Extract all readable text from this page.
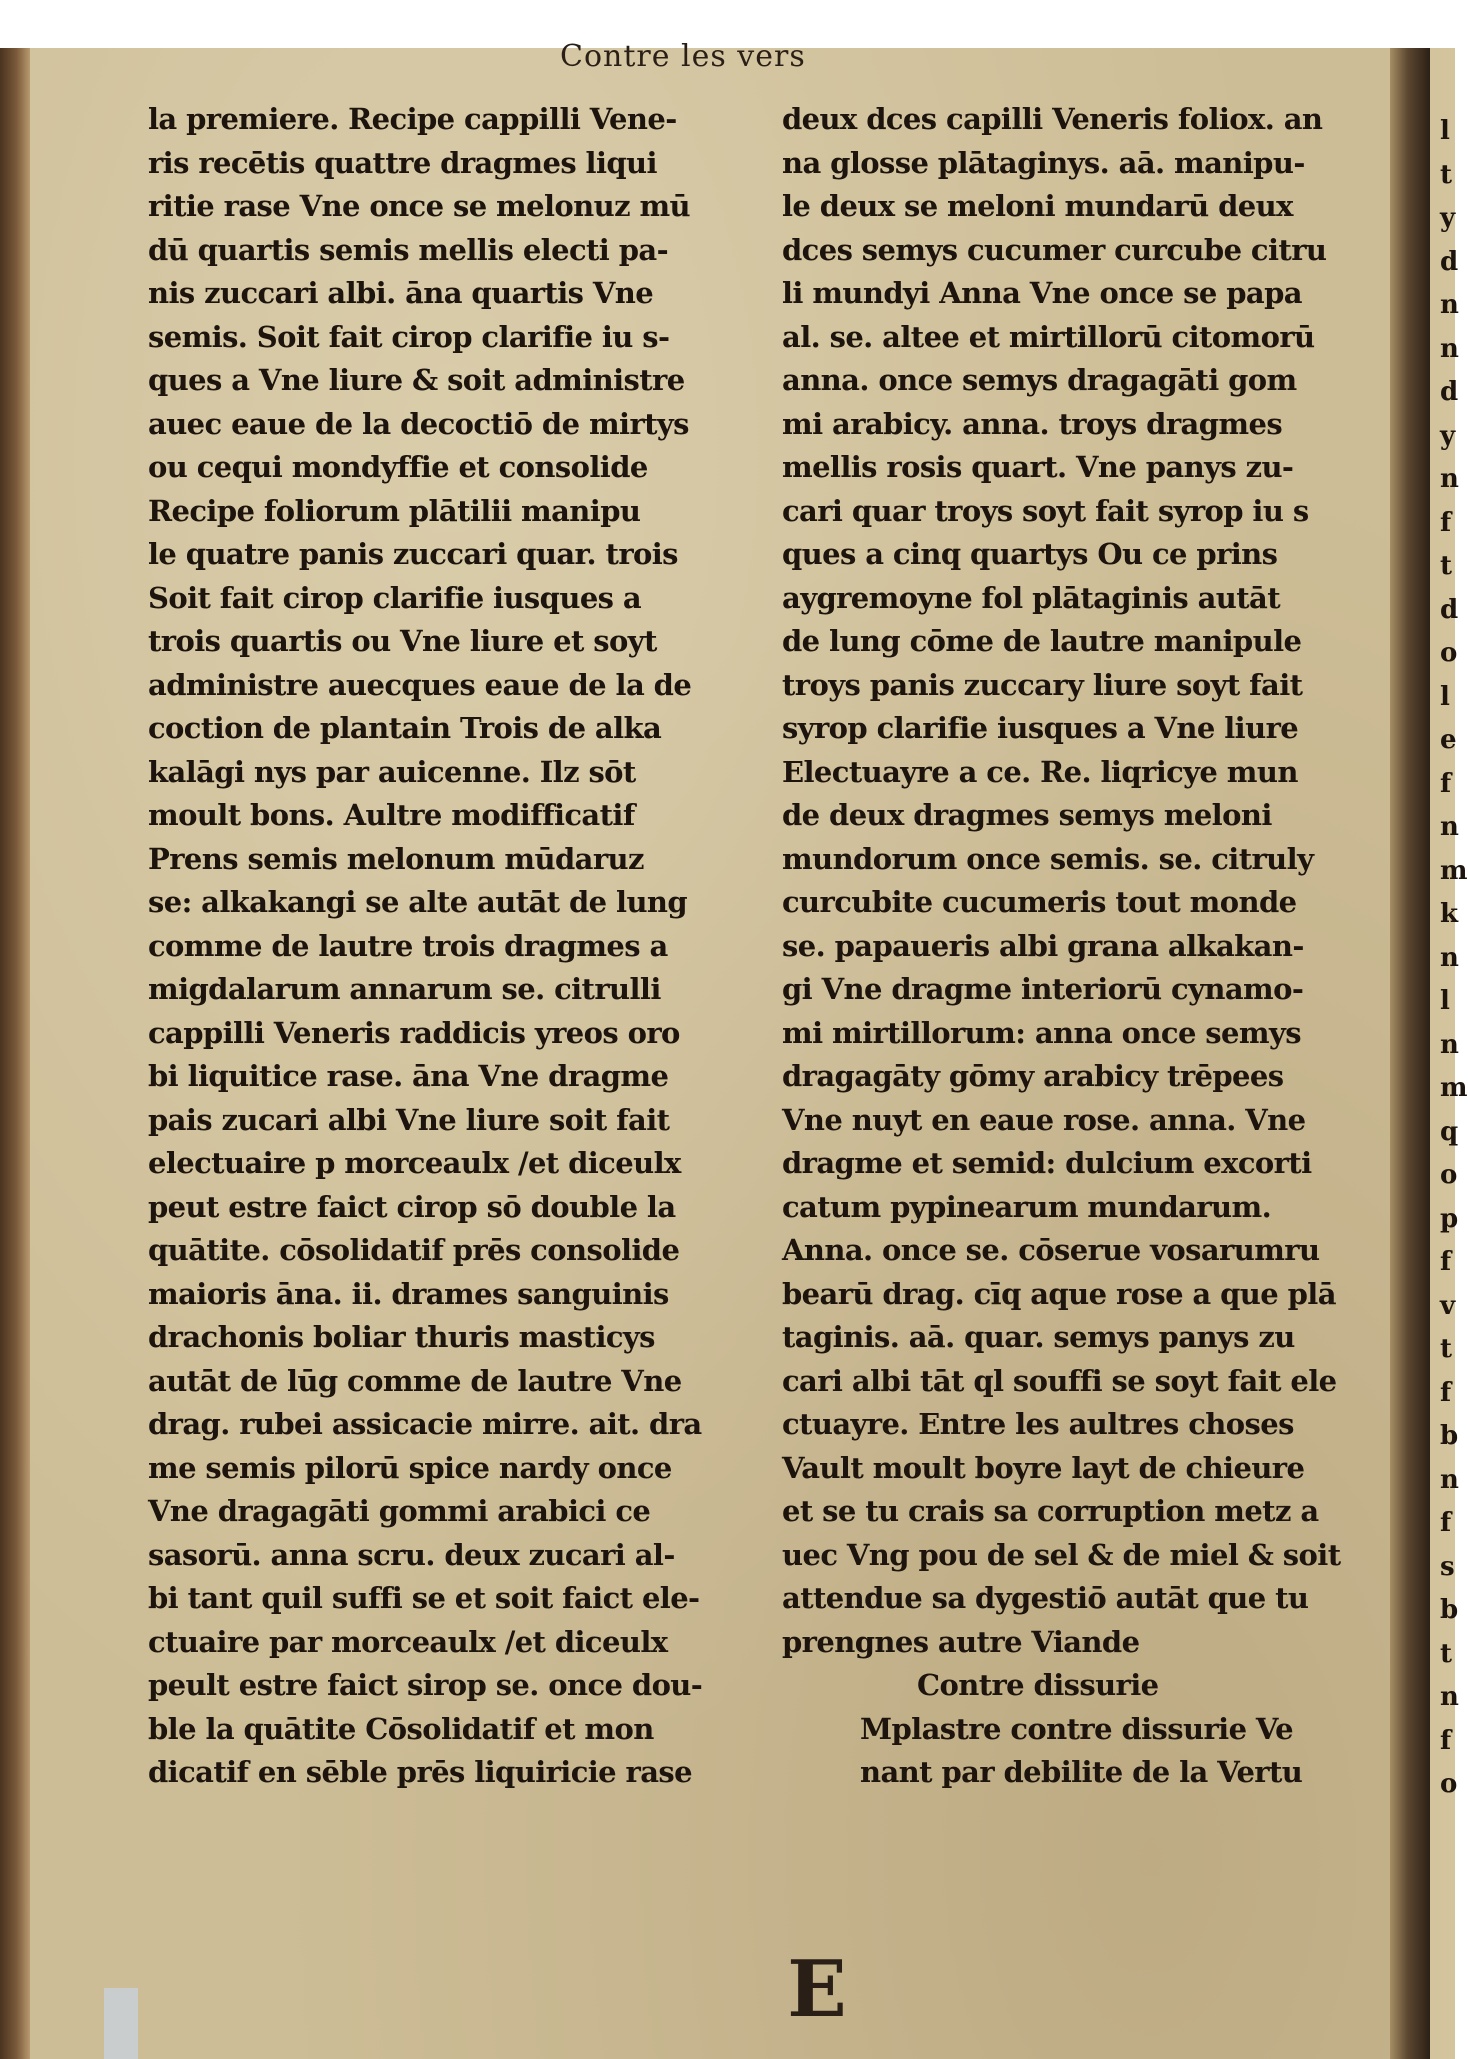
Contre les vers
la premiere. Recipe cappilli Vene-
ris recētis quattre dragmes liqui
ritie rase Vne once se melonuz mū
dū quartis semis mellis electi pa-
nis zuccari albi. āna quartis Vne
semis. Soit fait cirop clarifie iu s-
ques a Vne liure & soit administre
auec eaue de la decoctiō de mirtys
ou cequi mondyffie et consolide
Recipe foliorum plātilii manipu
le quatre panis zuccari quar. trois
Soit fait cirop clarifie iusques a
trois quartis ou Vne liure et soyt
administre auecques eaue de la de
coction de plantain Trois de alka
kalāgi nys par auicenne. Ilz sōt
moult bons. Aultre modifficatif
Prens semis melonum mūdaruz
se: alkakangi se alte autāt de lung
comme de lautre trois dragmes a
migdalarum annarum se. citrulli
cappilli Veneris raddicis yreos oro
bi liquitice rase. āna Vne dragme
pais zucari albi Vne liure soit fait
electuaire p morceaulx /et diceulx
peut estre faict cirop sō double la
quātite. cōsolidatif prēs consolide
maioris āna. ii. drames sanguinis
drachonis boliar thuris masticys
autāt de lūg comme de lautre Vne
drag. rubei assicacie mirre. ait. dra
me semis pilorū spice nardy once
Vne dragagāti gommi arabici ce
sasorū. anna scru. deux zucari al-
bi tant quil suffi se et soit faict ele-
ctuaire par morceaulx /et diceulx
peult estre faict sirop se. once dou-
ble la quātite Cōsolidatif et mon
dicatif en sēble prēs liquiricie rase
deux dces capilli Veneris foliox. an
na glosse plātaginys. aā. manipu-
le deux se meloni mundarū deux
dces semys cucumer curcube citru
li mundyi Anna Vne once se papa
al. se. altee et mirtillorū citomorū
anna. once semys dragagāti gom
mi arabicy. anna. troys dragmes
mellis rosis quart. Vne panys zu-
cari quar troys soyt fait syrop iu s
ques a cinq quartys Ou ce prins
aygremoyne fol plātaginis autāt
de lung cōme de lautre manipule
troys panis zuccary liure soyt fait
syrop clarifie iusques a Vne liure
Electuayre a ce. Re. liqricye mun
de deux dragmes semys meloni
mundorum once semis. se. citruly
curcubite cucumeris tout monde
se. papaueris albi grana alkakan-
gi Vne dragme interiorū cynamo-
mi mirtillorum: anna once semys
dragagāty gōmy arabicy trēpees
Vne nuyt en eaue rose. anna. Vne
dragme et semid: dulcium excorti
catum pypinearum mundarum.
Anna. once se. cōserue vosarumru
bearū drag. cīq aque rose a que plā
taginis. aā. quar. semys panys zu
cari albi tāt ql souffi se soyt fait ele
ctuayre. Entre les aultres choses
Vault moult boyre layt de chieure
et se tu crais sa corruption metz a
uec Vng pou de sel & de miel & soit
attendue sa dygestiō autāt que tu
prengnes autre Viande
Contre dissurie
Mplastre contre dissurie Ve
nant par debilite de la Vertu
E
l
t
y
d
n
n
d
y
n
f
t
d
o
l
e
f
n
m
k
n
l
n
m
q
o
p
f
v
t
f
b
n
f
s
b
t
n
f
o
